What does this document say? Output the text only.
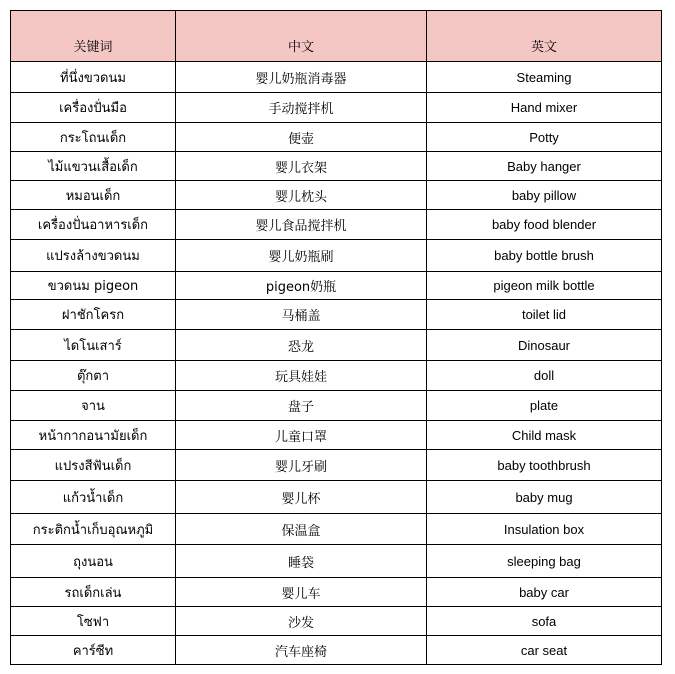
关键词	中文	英文
ที่นึ่งขวดนม	婴儿奶瓶消毒器	Steaming
เครื่องปั่นมือ	手动搅拌机	Hand mixer
กระโถนเด็ก	便壶	Potty
ไม้แขวนเสื้อเด็ก	婴儿衣架	Baby hanger
หมอนเด็ก	婴儿枕头	baby pillow
เครื่องปั่นอาหารเด็ก	婴儿食品搅拌机	baby food blender
แปรงล้างขวดนม	婴儿奶瓶刷	baby bottle brush
ขวดนม pigeon	pigeon奶瓶	pigeon milk bottle
ฝาชักโครก	马桶盖	toilet lid
ไดโนเสาร์	恐龙	Dinosaur
ตุ๊กตา	玩具娃娃	doll
จาน	盘子	plate
หน้ากากอนามัยเด็ก	儿童口罩	Child mask
แปรงสีฟันเด็ก	婴儿牙刷	baby toothbrush
แก้วน้ำเด็ก	婴儿杯	baby mug
กระติกน้ำเก็บอุณหภูมิ	保温盒	Insulation box
ถุงนอน	睡袋	sleeping bag
รถเด็กเล่น	婴儿车	baby car
โซฟา	沙发	sofa
คาร์ซีท	汽车座椅	car seat
